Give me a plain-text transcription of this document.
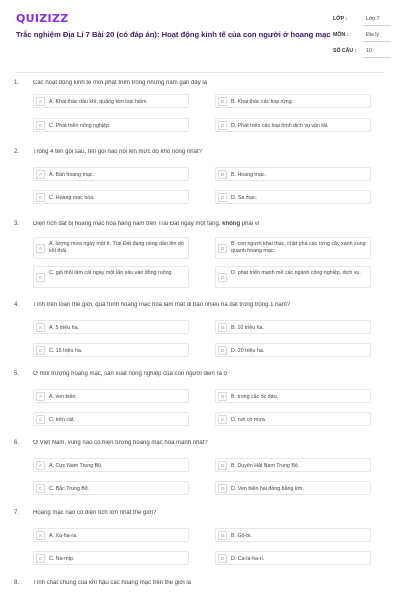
QUIZIZZ
Trắc nghiệm Địa Lí 7 Bài 20 (có đáp án): Hoạt động kinh tế của con người ở hoang mạc
LỚP :	Lớp 7
MÔN :	Địa lý
SỐ CÂU : 10
1. Các hoạt động kinh tế mới phát triển trong những năm gần đây là
A	A. Khai thác dầu khí, quặng kim loại hiếm.	B	B. Khai thác các loại rừng.
C	C. Phát triển nông nghiệp.	D	D. Phát triển các loại hình dịch vụ vận tải.
2. Trong 4 tên gọi sau, tên gọi nào nói lên mức độ khô nóng nhất?
A	A. Bán hoang mạc.	B	B. Hoang mạc.
C	C. Hoang mạc hóa.	D	D. Sa mạc.
3. Diện tích đất bị hoang mạc hóa hàng năm trên Trái Đất ngày một tăng, không phải vì
A
A. lượng mưa ngày một ít, Trái Đất đang nóng dần lên do khí thải.	B
B. con người khai thác, chặt phá các rừng cây xanh xung quanh hoang mạc.
C
C. gió thổi làm cát ngày một lấn sâu vào đồng ruộng.
D
D. phát triển mạnh mẽ các ngành công nghiệp, dịch vụ.
4. Tính trên toàn thế giới, quá trình hoang mạc hóa làm mất đi bao nhiêu ha đất trồng trong 1 năm?
A	A. 5 triệu ha.	B	B. 10 triệu ha.
C	C. 15 triệu ha.	D	D. 20 triệu ha.
5. Ở môi trường hoang mạc, sản xuất nông nghiệp của con người diễn ra ở
A	A. ven biển.	B	B. trong các ốc đảo.
C	C. trên cát.	D	D. nơi có mưa.
6. Ở Việt Nam, vùng nào có hiện tượng hoang mạc hóa mạnh nhất?
A	A. Cực Nam Trung Bộ.	B	B. Duyên Hải Nam Trung Bộ.
C	C. Bắc Trung Bộ.	D	D. Ven biển hai đồng bằng lớn.
7. Hoang mạc nào có diện tích lớn nhất thế giới?
A	A. Xa-ha-ra.	B	B. Gô-bi.
C	C. Na-mip.	D	D. Ca-la-ha-ri.
8. Tính chất chung của khí hậu các hoang mạc trên thế giới là
